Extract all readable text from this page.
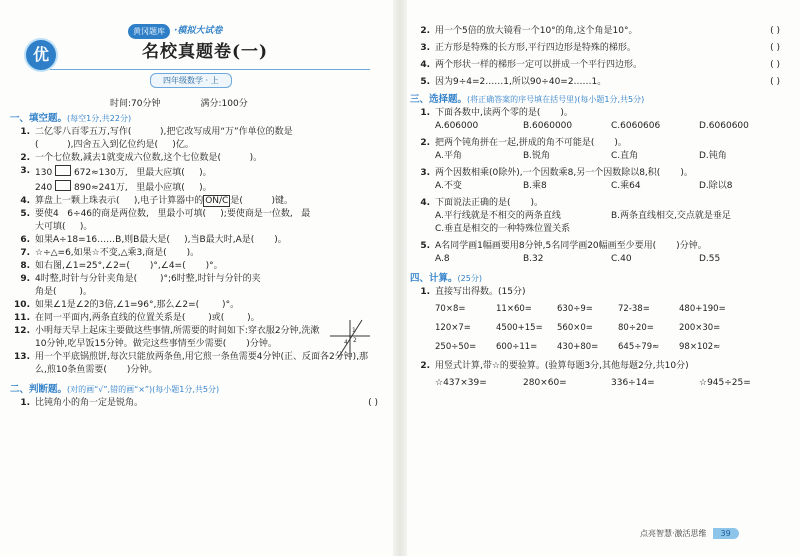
优
黄冈题库	·模拟大试卷
名校真题卷(一)
四年级数学 · 上
时间:70分钟	满分:100分
一、填空题。(每空1分,共22分)
1. 二亿零八百零五万,写作(          ),把它改写成用“万”作单位的数是
(          ),四舍五入到亿位约是(     )亿。
2. 一个七位数,减去1就变成六位数,这个七位数是(          )。
3. 130 672≈130万,   里最大应填(     )。
240 890≈241万,   里最小应填(     )。
4. 算盘上一颗上珠表示(     ),电子计算器中的 ON/C 是(          )键。
5. 要使4   6÷46的商是两位数,   里最小可填(     );要使商是一位数,   最
大可填(     )。
6. 如果A÷18=16……B,则B最大是(     ),当B最大时,A是(       )。
7. ☆÷△=6,如果☆不变,△乘3,商是(       )。
8. 如右图,∠1=25°,∠2=(       )°,∠4=(       )°。
9. 4时整,时针与分针夹角是(        )°;6时整,时针与分针的夹
角是(        )。
10. 如果∠1是∠2的3倍,∠1=96°,那么∠2=(        )°。
11. 在同一平面内,两条直线的位置关系是(        )或(        )。
12. 小明每天早上起床主要做这些事情,所需要的时间如下:穿衣服2分钟,洗漱
10分钟,吃早饭15分钟。做完这些事情至少需要(       )分钟。
13. 用一个平底锅煎饼,每次只能放两条鱼,用它煎一条鱼需要4分钟(正、反面各2分钟),那
么,煎10条鱼需要(       )分钟。
二、判断题。(对的画“√”,错的画“×”)(每小题1分,共5分)
1. 比钝角小的角一定是锐角。	( )
1
2
4
2. 用一个5倍的放大镜看一个10°的角,这个角是10°。	( )
3. 正方形是特殊的长方形,平行四边形是特殊的梯形。	( )
4. 两个形状一样的梯形一定可以拼成一个平行四边形。	( )
5. 因为9÷4=2……1,所以90÷40=2……1。	( )
三、选择题。(将正确答案的序号填在括号里)(每小题1分,共5分)
1. 下面各数中,读两个零的是(       )。
A.606000	B.6060000	C.6060606	D.6060600
2. 把两个钝角拼在一起,拼成的角不可能是(       )。
A.平角	B.锐角	C.直角	D.钝角
3. 两个因数相乘(0除外),一个因数乘8,另一个因数除以8,积(       )。
A.不变	B.乘8	C.乘64	D.除以8
4. 下面说法正确的是(       )。
A.平行线就是不相交的两条直线	B.两条直线相交,交点就是垂足
C.垂直是相交的一种特殊位置关系
5. A名同学画1幅画要用8分钟,5名同学画20幅画至少要用(       )分钟。
A.8	B.32	C.40	D.55
四、计算。(25分)
1. 直接写出得数。(15分)
70×8=	11×60=	630÷9=	72-38=	480+190=
120×7=	4500+15=	560×0=	80÷20=	200×30=
250÷50=	600÷11=	430+80=	645÷79≈	98×102≈
2. 用竖式计算,带☆的要验算。(验算每题3分,其他每题2分,共10分)
☆437×39=	280×60=	336÷14=	☆945÷25=
点亮智慧·激活思维	39
